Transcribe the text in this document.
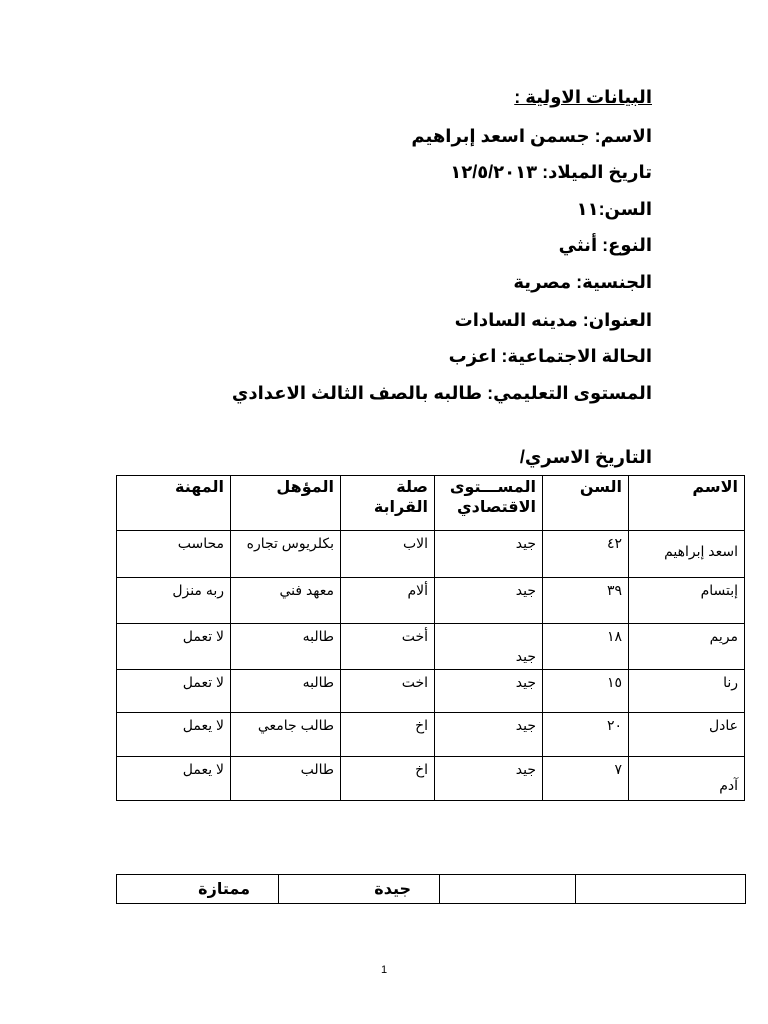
البيانات الاولية :
الاسم: جسمن اسعد إبراهيم
تاريخ الميلاد: ١٢/٥/٢٠١٣
السن:١١
النوع: أنثي
الجنسية: مصرية
العنوان: مدينه السادات
الحالة الاجتماعية: اعزب
المستوى التعليمي: طالبه بالصف الثالث الاعدادي
التاريخ الاسري/
الاسم	السن	المســـتوى الاقتصادي	صلة القرابة	المؤهل	المهنة

اسعد إبراهيم	٤٢	جيد	الاب	بكلريوس تجاره	محاسب
إبتسام	٣٩	جيد	ألام	معهد فني	ربه منزل
مريم	١٨	جيد	أخت	طالبه	لا تعمل
رنا	١٥	جيد	اخت	طالبه	لا تعمل
عادل	٢٠	جيد	اخ	طالب جامعي	لا يعمل

آدم	٧	جيد	اخ	طالب	لا يعمل
ممتازة	جيدة		
1
